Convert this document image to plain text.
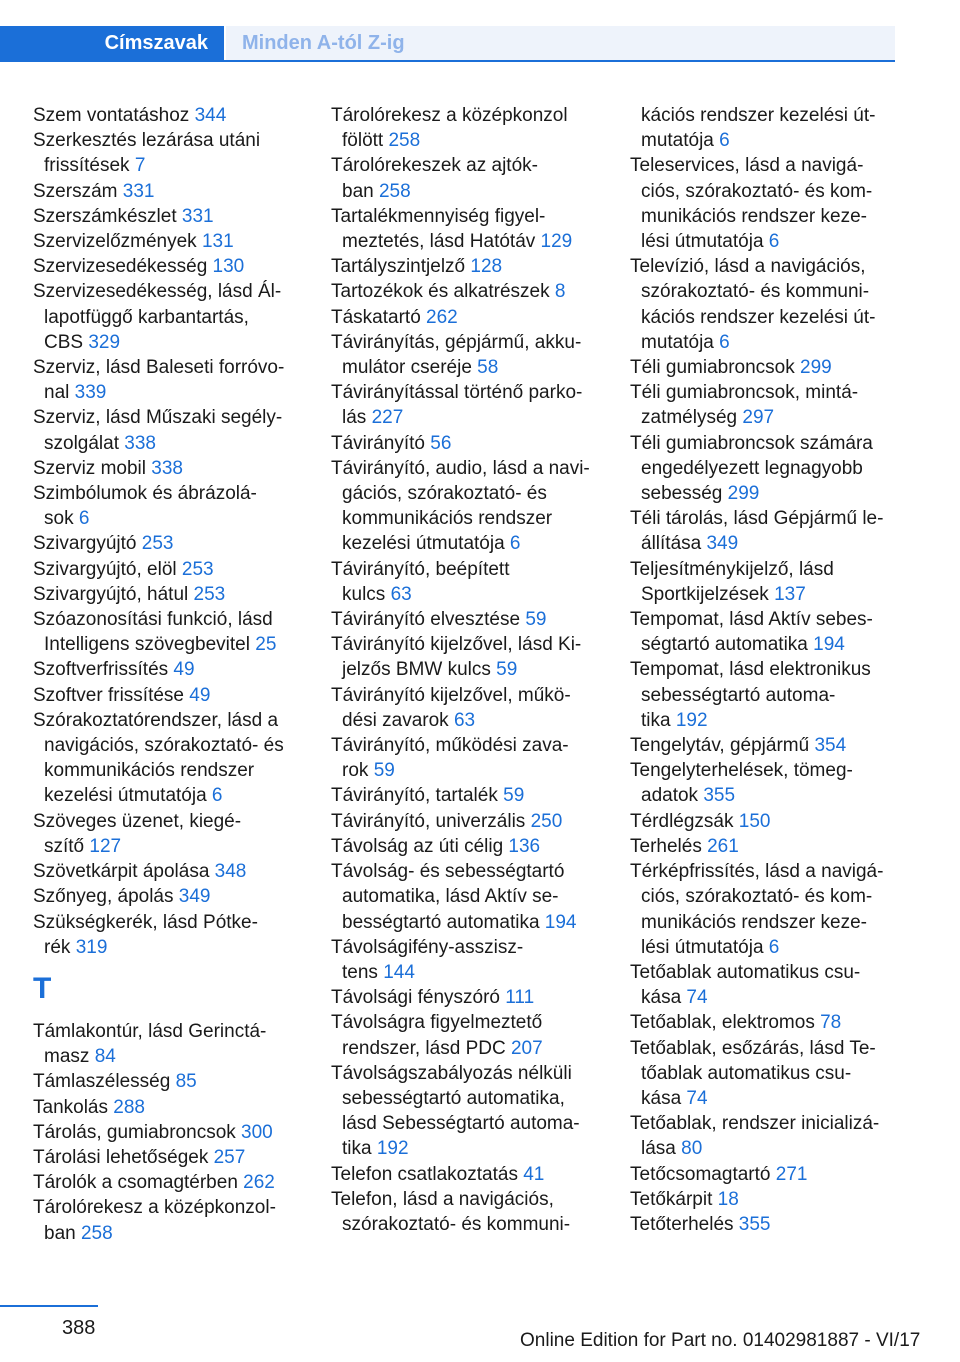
Címszavak	Minden A-tól Z-ig
Szem vontatáshoz 344
Szerkesztés lezárása utáni
frissítések 7
Szerszám 331
Szerszámkészlet 331
Szervizelőzmények 131
Szervizesedékesség 130
Szervizesedékesség, lásd Ál-
lapotfüggő karbantartás,
CBS 329
Szerviz, lásd Baleseti forróvo-
nal 339
Szerviz, lásd Műszaki segély-
szolgálat 338
Szerviz mobil 338
Szimbólumok és ábrázolá-
sok 6
Szivargyújtó 253
Szivargyújtó, elöl 253
Szivargyújtó, hátul 253
Szóazonosítási funkció, lásd
Intelligens szövegbevitel 25
Szoftverfrissítés 49
Szoftver frissítése 49
Szórakoztatórendszer, lásd a
navigációs, szórakoztató- és
kommunikációs rendszer
kezelési útmutatója 6
Szöveges üzenet, kiegé-
szítő 127
Szövetkárpit ápolása 348
Szőnyeg, ápolás 349
Szükségkerék, lásd Pótke-
rék 319
T
Támlakontúr, lásd Gerinctá-
masz 84
Támlaszélesség 85
Tankolás 288
Tárolás, gumiabroncsok 300
Tárolási lehetőségek 257
Tárolók a csomagtérben 262
Tárolórekesz a középkonzol-
ban 258
Tárolórekesz a középkonzol
fölött 258
Tárolórekeszek az ajtók-
ban 258
Tartalékmennyiség figyel-
meztetés, lásd Hatótáv 129
Tartályszintjelző 128
Tartozékok és alkatrészek 8
Táskatartó 262
Távirányítás, gépjármű, akku-
mulátor cseréje 58
Távirányítással történő parko-
lás 227
Távirányító 56
Távirányító, audio, lásd a navi-
gációs, szórakoztató- és
kommunikációs rendszer
kezelési útmutatója 6
Távirányító, beépített
kulcs 63
Távirányító elvesztése 59
Távirányító kijelzővel, lásd Ki-
jelzős BMW kulcs 59
Távirányító kijelzővel, műkö-
dési zavarok 63
Távirányító, működési zava-
rok 59
Távirányító, tartalék 59
Távirányító, univerzális 250
Távolság az úti célig 136
Távolság- és sebességtartó
automatika, lásd Aktív se-
bességtartó automatika 194
Távolságifény-asszisz-
tens 144
Távolsági fényszóró 111
Távolságra figyelmeztető
rendszer, lásd PDC 207
Távolságszabályozás nélküli
sebességtartó automatika,
lásd Sebességtartó automa-
tika 192
Telefon csatlakoztatás 41
Telefon, lásd a navigációs,
szórakoztató- és kommuni-
kációs rendszer kezelési út-
mutatója 6
Teleservices, lásd a navigá-
ciós, szórakoztató- és kom-
munikációs rendszer keze-
lési útmutatója 6
Televízió, lásd a navigációs,
szórakoztató- és kommuni-
kációs rendszer kezelési út-
mutatója 6
Téli gumiabroncsok 299
Téli gumiabroncsok, mintá-
zatmélység 297
Téli gumiabroncsok számára
engedélyezett legnagyobb
sebesség 299
Téli tárolás, lásd Gépjármű le-
állítása 349
Teljesítménykijelző, lásd
Sportkijelzések 137
Tempomat, lásd Aktív sebes-
ségtartó automatika 194
Tempomat, lásd elektronikus
sebességtartó automa-
tika 192
Tengelytáv, gépjármű 354
Tengelyterhelések, tömeg-
adatok 355
Térdlégzsák 150
Terhelés 261
Térképfrissítés, lásd a navigá-
ciós, szórakoztató- és kom-
munikációs rendszer keze-
lési útmutatója 6
Tetőablak automatikus csu-
kása 74
Tetőablak, elektromos 78
Tetőablak, esőzárás, lásd Te-
tőablak automatikus csu-
kása 74
Tetőablak, rendszer inicializá-
lása 80
Tetőcsomagtartó 271
Tetőkárpit 18
Tetőterhelés 355
388
Online Edition for Part no. 01402981887 - VI/17
